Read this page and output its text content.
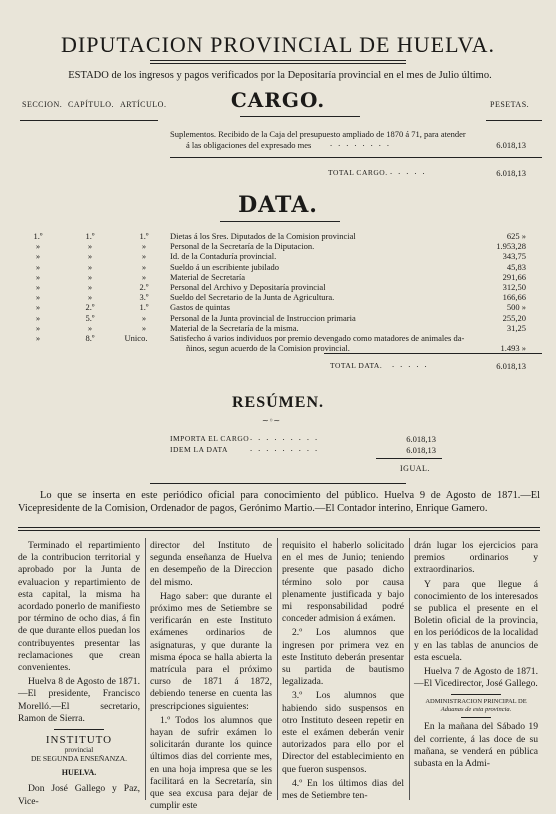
DIPUTACION PROVINCIAL DE HUELVA.
ESTADO de los ingresos y pagos verificados por la Depositaría provincial en el mes de Julio último.
SECCION. CAPÍTULO. ARTÍCULO.	PESETAS.
CARGO.
Suplementos. Recibido de la Caja del presupuesto ampliado de 1870 á 71, para atender
á las obligaciones del expresado mes ........	6.018,13
TOTAL CARGO. .....	6.018,13
DATA.
1.º	1.º	1.º	Dietas á los Sres. Diputados de la Comision provincial	625 »
»	»	»	Personal de la Secretaría de la Diputacion.	1.953,28
»	»	»	Id. de la Contaduría provincial.	343,75
»	»	»	Sueldo á un escribiente jubilado	45,83
»	»	»	Material de Secretaría	291,66
»	»	2.º	Personal del Archivo y Depositaría provincial	312,50
»	»	3.º	Sueldo del Secretario de la Junta de Agricultura.	166,66
»	2.º	1.º	Gastos de quintas	500 »
»	5.º	»	Personal de la Junta provincial de Instruccion primaria	255,20
»	»	»	Material de la Secretaría de la misma.	31,25
»	8.º	Unico.	Satisfecho á varios individuos por premio devengado como matadores de animales da-
ñinos, segun acuerdo de la Comision provincial.	1.493 »
TOTAL DATA. .....	6.018,13
RESÚMEN.
~◦~
IMPORTA EL CARGO .........	6.018,13
IDEM LA DATA	.........	6.018,13
IGUAL.
Lo que se inserta en este periódico oficial para conocimiento del público. Huelva 9 de Agosto de 1871.—El Vicepresidente de la Comision, Ordenador de pagos, Gerónimo Martio.—El Contador interino, Enrique Gamero.

Terminado el repartimiento de la contribucion territorial y aprobado por la Junta de evaluacion y repartimiento de esta capital, la misma ha acordado ponerlo de manifiesto por término de ocho dias, á fin de que durante ellos puedan los contribuyentes presentar las reclamaciones que crean convenientes.

Huelva 8 de Agosto de 1871.—El presidente, Francisco Morelló.—El secretario, Ramon de Sierra.

INSTITUTO
provincial
DE SEGUNDA ENSEÑANZA.
HUELVA.

Don José Gallego y Paz, Vice-

director del Instituto de segunda enseñanza de Huelva en desempeño de la Direccion del mismo.

Hago saber: que durante el próximo mes de Setiembre se verificarán en este Instituto exámenes ordinarios de asignaturas, y que durante la misma época se halla abierta la matrícula para el próximo curso de 1871 á 1872, debiendo tenerse en cuenta las prescripciones siguientes:

1.º Todos los alumnos que hayan de sufrir exámen lo solicitarán durante los quince últimos dias del corriente mes, en una hoja impresa que se les facilitará en la Secretaría, sin que sea excusa para dejar de cumplir este

requisito el haberlo solicitado en el mes de Junio; teniendo presente que pasado dicho término solo por causa plenamente justificada y bajo mi responsabilidad podré conceder admision á exámen.

2.º Los alumnos que ingresen por primera vez en este Instituto deberán presentar su partida de bautismo legalizada.

3.º Los alumnos que habiendo sido suspensos en otro Instituto deseen repetir en este el exámen deberán venir autorizados para ello por el Director del establecimiento en que fueron suspensos.

4.º En los últimos dias del mes de Setiembre ten-

drán lugar los ejercicios para premios ordinarios y extraordinarios.

Y para que llegue á conocimiento de los interesados se publica el presente en el Boletin oficial de la provincia, en los periódicos de la localidad y en las tablas de anuncios de esta escuela.

Huelva 7 de Agosto de 1871.—El Vicedirector, José Gallego.

ADMINISTRACION PRINCIPAL DE
Aduanas de esta provincia.

En la mañana del Sábado 19 del corriente, á las doce de su mañana, se venderá en pública subasta en la Admi-
